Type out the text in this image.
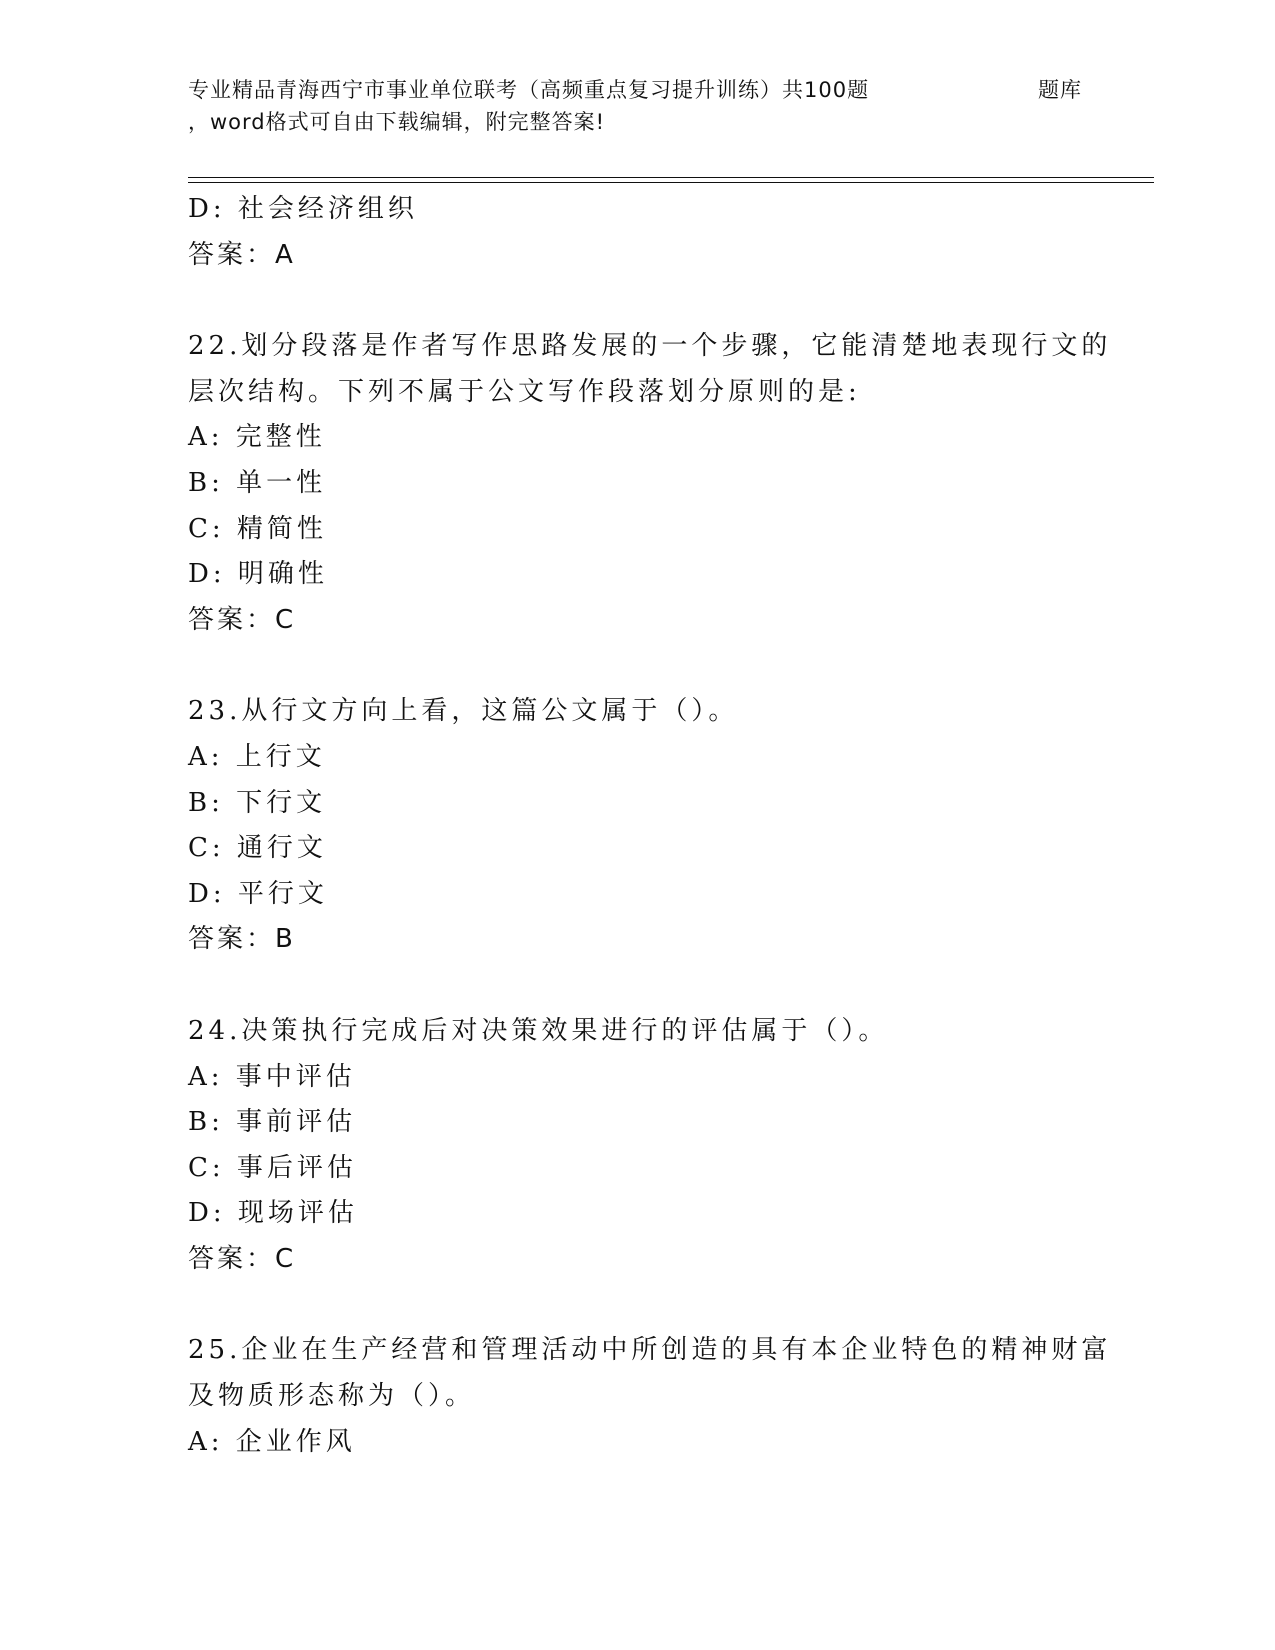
专业精品青海西宁市事业单位联考（高频重点复习提升训练）共100题
，word格式可自由下载编辑，附完整答案!
题库
D: 社会经济组织
答案：A
22.划分段落是作者写作思路发展的一个步骤，它能清楚地表现行文的
层次结构。下列不属于公文写作段落划分原则的是:
A: 完整性
B: 单一性
C: 精简性
D: 明确性
答案：C
23.从行文方向上看，这篇公文属于（）。
A: 上行文
B: 下行文
C: 通行文
D: 平行文
答案：B
24.决策执行完成后对决策效果进行的评估属于（）。
A: 事中评估
B: 事前评估
C: 事后评估
D: 现场评估
答案：C
25.企业在生产经营和管理活动中所创造的具有本企业特色的精神财富
及物质形态称为（）。
A: 企业作风
